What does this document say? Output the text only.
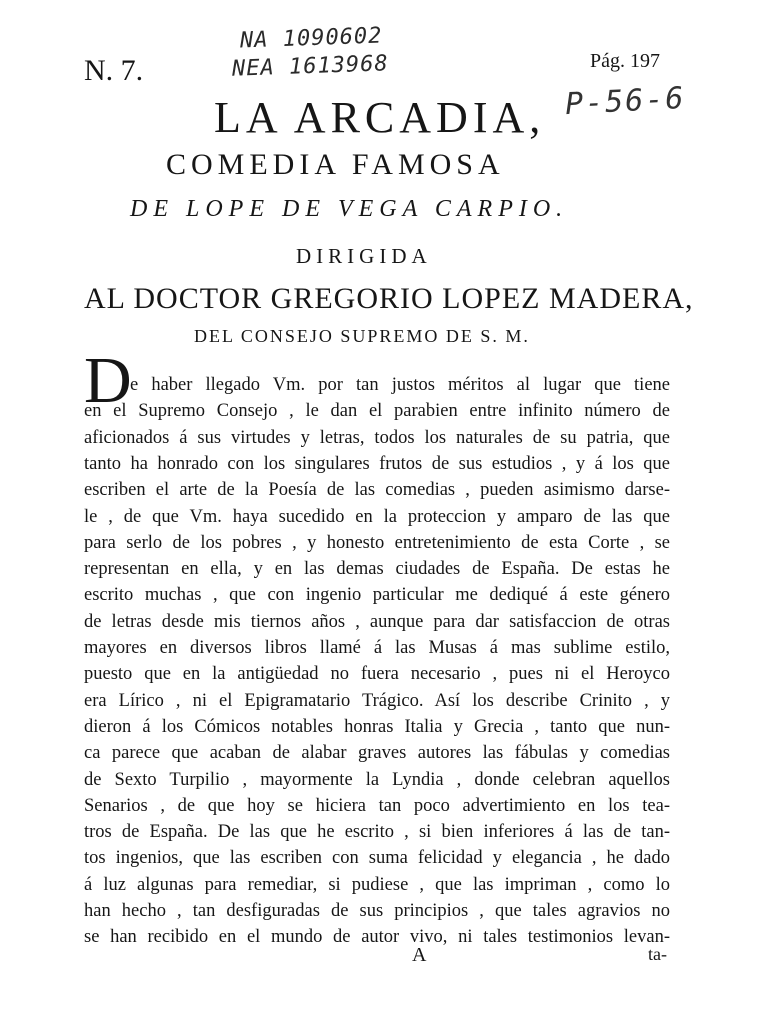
NA 1090602
NEA 1613968
P-56-6
N. 7.	Pág. 197
LA ARCADIA,
COMEDIA FAMOSA
DE LOPE DE VEGA CARPIO.
DIRIGIDA
AL DOCTOR GREGORIO LOPEZ MADERA,
DEL CONSEJO SUPREMO DE S. M.
D
e haber llegado Vm. por tan justos méritos al lugar que tiene
en el Supremo Consejo , le dan el parabien entre infinito número de
aficionados á sus virtudes y letras, todos los naturales de su patria, que
tanto ha honrado con los singulares frutos de sus estudios , y á los que
escriben el arte de la Poesía de las comedias , pueden asimismo darse-
le , de que Vm. haya sucedido en la proteccion y amparo de las que
para serlo de los pobres , y honesto entretenimiento de esta Corte , se
representan en ella, y en las demas ciudades de España. De estas he
escrito muchas , que con ingenio particular me dediqué á este género
de letras desde mis tiernos años , aunque para dar satisfaccion de otras
mayores en diversos libros llamé á las Musas á mas sublime estilo,
puesto que en la antigüedad no fuera necesario , pues ni el Heroyco
era Lírico , ni el Epigramatario Trágico. Así los describe Crinito , y
dieron á los Cómicos notables honras Italia y Grecia , tanto que nun-
ca parece que acaban de alabar graves autores las fábulas y comedias
de Sexto Turpilio , mayormente la Lyndia , donde celebran aquellos
Senarios , de que hoy se hiciera tan poco advertimiento en los tea-
tros de España. De las que he escrito , si bien inferiores á las de tan-
tos ingenios, que las escriben con suma felicidad y elegancia , he dado
á luz algunas para remediar, si pudiese , que las impriman , como lo
han hecho , tan desfiguradas de sus principios , que tales agravios no
se han recibido en el mundo de autor vivo, ni tales testimonios levan-
A	ta-
